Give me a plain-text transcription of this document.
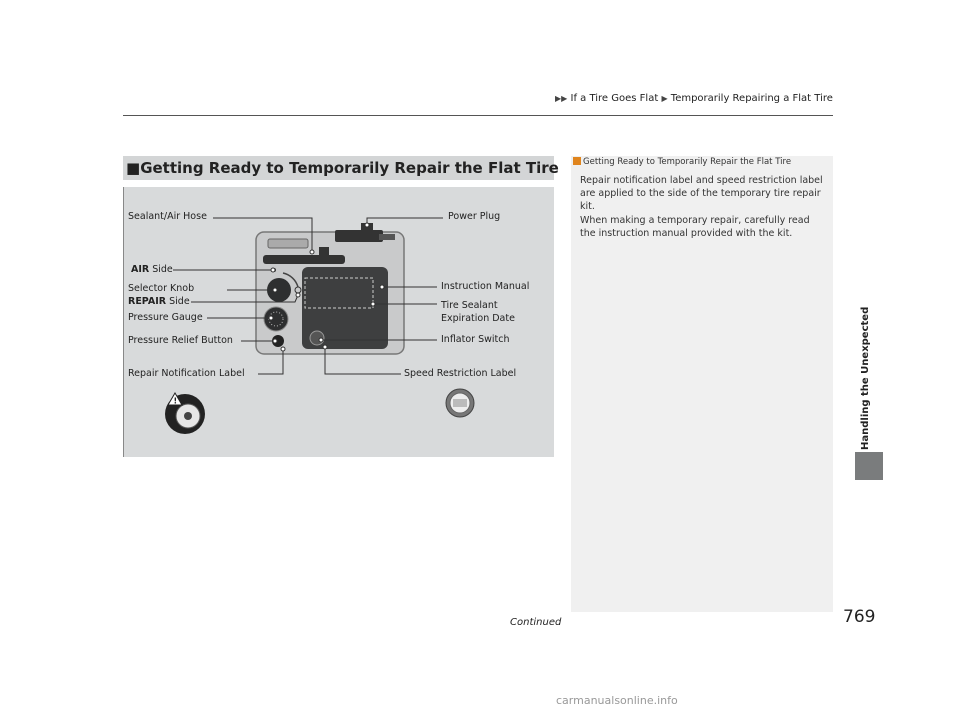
▶▶ If a Tire Goes Flat ▶ Temporarily Repairing a Flat Tire
■Getting Ready to Temporarily Repair the Flat Tire
!
Sealant/Air Hose	Power Plug
AIR Side
Selector Knob
REPAIR Side
Pressure Gauge
Pressure Relief Button
Instruction Manual
Tire Sealant
Expiration Date
Inflator Switch
Repair Notification Label	Speed Restriction Label
Getting Ready to Temporarily Repair the Flat Tire
Repair notification label and speed restriction label are applied to the side of the temporary tire repair kit.
When making a temporary repair, carefully read the instruction manual provided with the kit.
Handling the Unexpected
Continued	769
carmanualsonline.info
